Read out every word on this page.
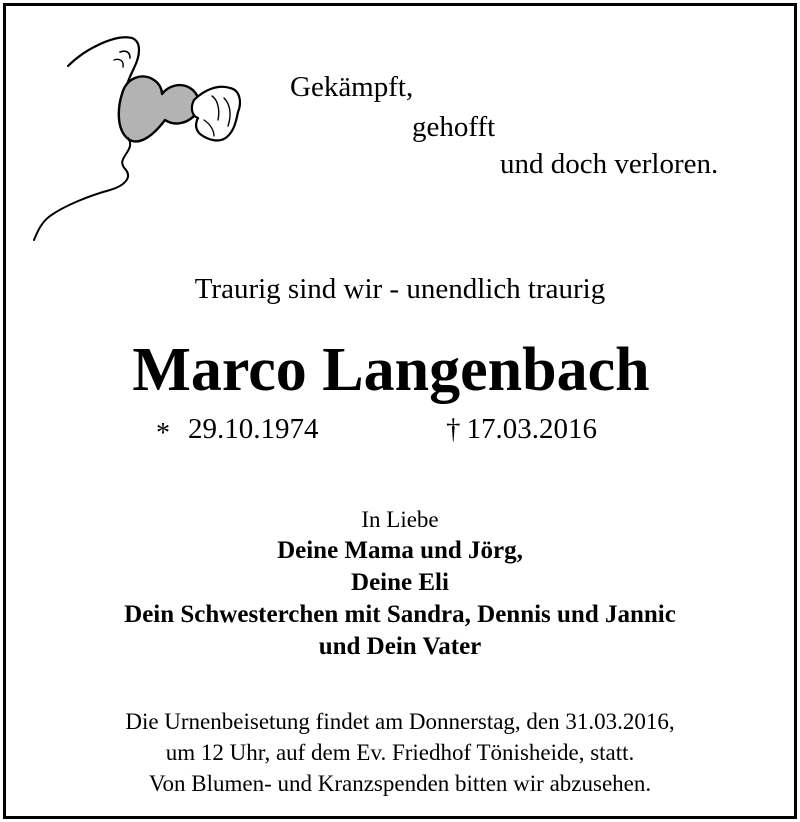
Gekämpft,
gehofft
und doch verloren.
Traurig sind wir - unendlich traurig
Marco Langenbach
* 29.10.1974	† 17.03.2016
In Liebe
Deine Mama und Jörg,
Deine Eli
Dein Schwesterchen mit Sandra, Dennis und Jannic
und Dein Vater
Die Urnenbeisetung findet am Donnerstag, den 31.03.2016,
um 12 Uhr, auf dem Ev. Friedhof Tönisheide, statt.
Von Blumen- und Kranzspenden bitten wir abzusehen.
